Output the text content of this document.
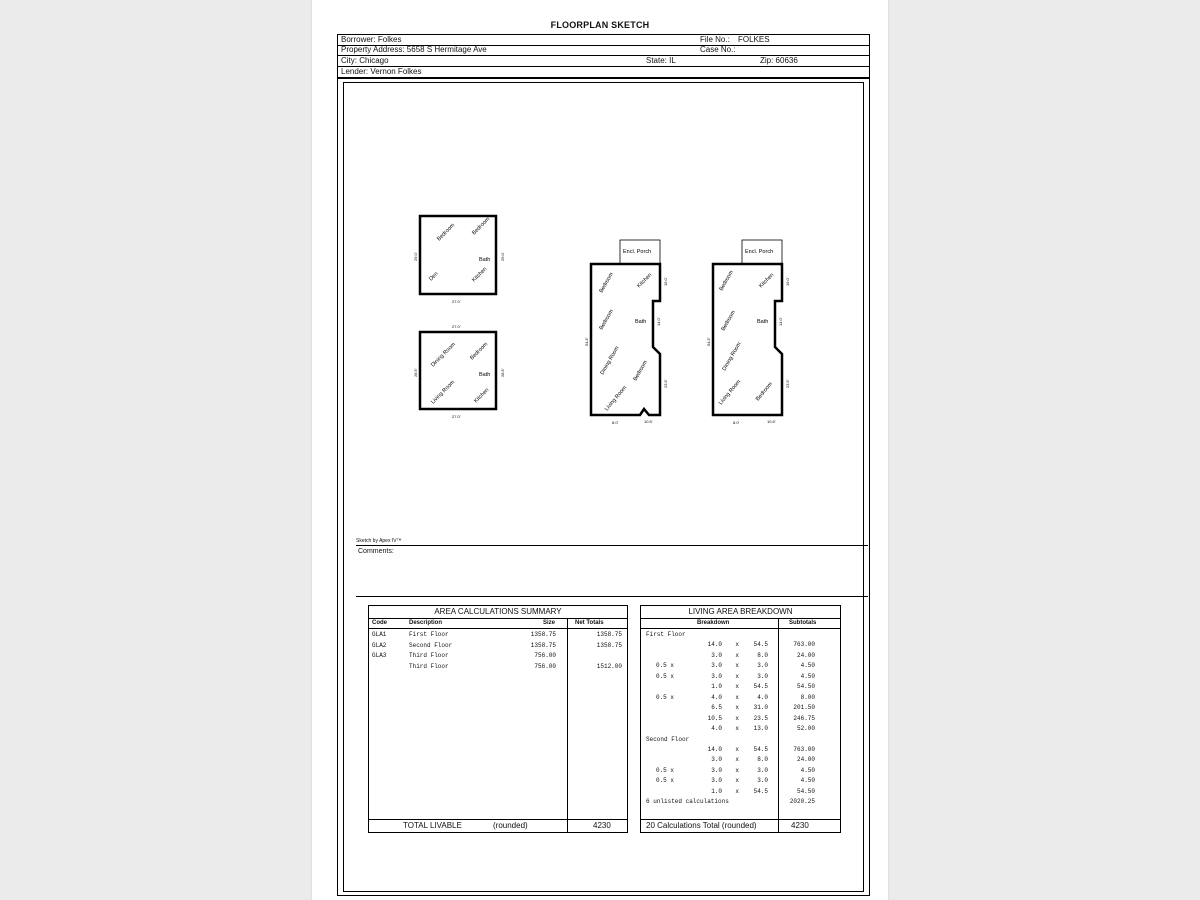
FLOORPLAN SKETCH
Borrower: Folkes	File No.: FOLKES
Property Address: 5658 S Hermitage Ave	Case No.:
City: Chicago	State: IL	Zip: 60636
Lender: Vernon Folkes
Bedroom	Bedroom
Bath
Den	Kitchen
29.0'	29.0'
27.0'
Dining Room Bedroom
Bath
Living Room	Kitchen
27.0'
28.5'	28.5'
27.0'
Encl. Porch
Bedroom	Kitchen
Bedroom	Bath
Dining Room Bedroom
Living Room
54.5'
19.0'
14.0'
23.5'
8.0'	10.5'
Encl. Porch
Bedroom	Kitchen
Bedroom	Bath
Dining Room
Living Room Bedroom
54.5'
19.0'
14.0'
23.5'
8.0'	10.5'
Sketch by Apex IV™
Comments:
AREA CALCULATIONS SUMMARY
Code	Description	Size	Net Totals
GLA1	First Floor	1358.75	1358.75
GLA2	Second Floor	1358.75	1358.75
GLA3	Third Floor	756.00
Third Floor	756.00	1512.00
TOTAL LIVABLE	(rounded)	4230
LIVING AREA BREAKDOWN
Breakdown	Subtotals
First Floor
14.0 x 54.5	763.00
3.0 x	8.0	24.00
0.5 x	3.0 x	3.0	4.50
0.5 x	3.0 x	3.0	4.50
1.0 x 54.5	54.50
0.5 x	4.0 x	4.0	8.00
6.5 x 31.0	201.50
10.5 x 23.5	246.75
4.0 x 13.0	52.00
Second Floor
14.0 x 54.5	763.00
3.0 x	8.0	24.00
0.5 x	3.0 x	3.0	4.50
0.5 x	3.0 x	3.0	4.50
1.0 x 54.5	54.50
6 unlisted calculations	2020.25
20 Calculations Total (rounded)	4230
